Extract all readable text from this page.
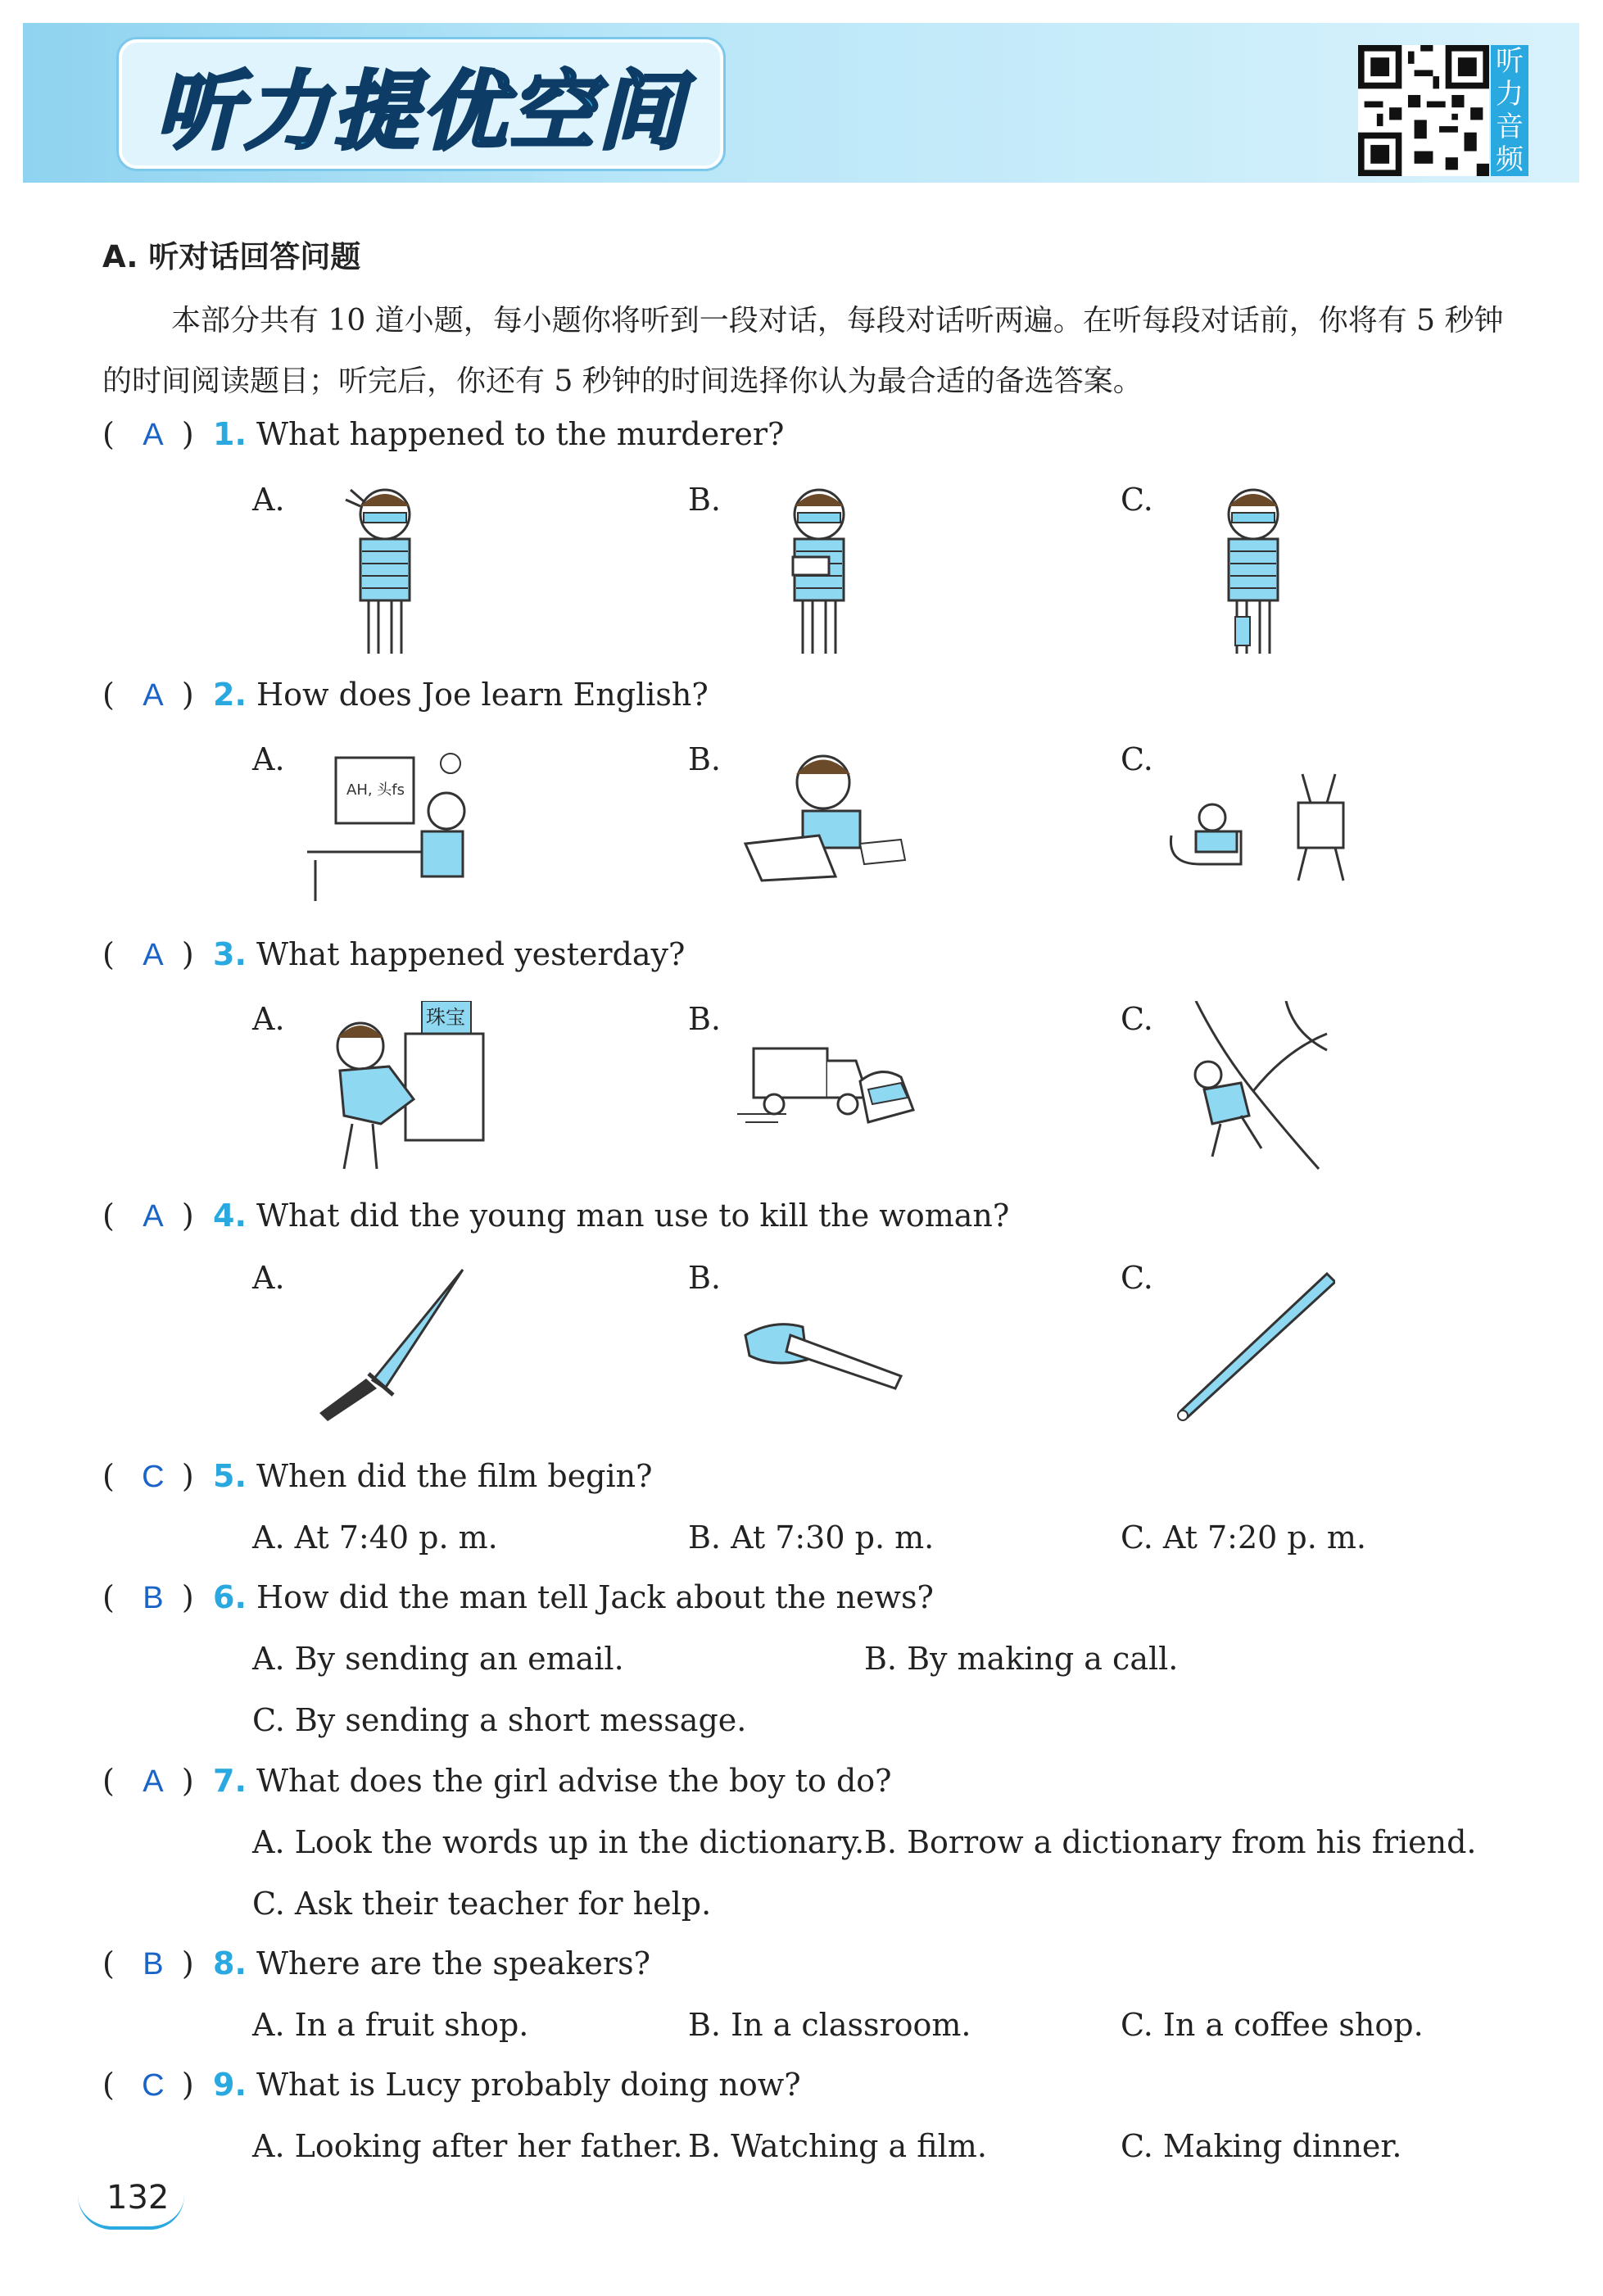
听力提优空间	听
力
音
频
A. 听对话回答问题
本部分共有 10 道小题，每小题你将听到一段对话，每段对话听两遍。在听每段对话前，你将有 5 秒钟的时间阅读题目；听完后，你还有 5 秒钟的时间选择你认为最合适的备选答案。
( A ) 1. What happened to the murderer?
A.	B.	C.
( A ) 2. How does Joe learn English?
A.	B.	C.
AH, 头fs
( A ) 3. What happened yesterday?
A.	B.	C.
珠宝
( A ) 4. What did the young man use to kill the woman?
A.	B.	C.
( C ) 5. When did the film begin?
A. At 7:40 p. m.	B. At 7:30 p. m.	C. At 7:20 p. m.
( B ) 6. How did the man tell Jack about the news?
A. By sending an email.	B. By making a call.
C. By sending a short message.
( A ) 7. What does the girl advise the boy to do?
A. Look the words up in the dictionary. B. Borrow a dictionary from his friend.
C. Ask their teacher for help.
( B ) 8. Where are the speakers?
A. In a fruit shop.	B. In a classroom.	C. In a coffee shop.
( C ) 9. What is Lucy probably doing now?
A. Looking after her father. B. Watching a film.	C. Making dinner.
132
